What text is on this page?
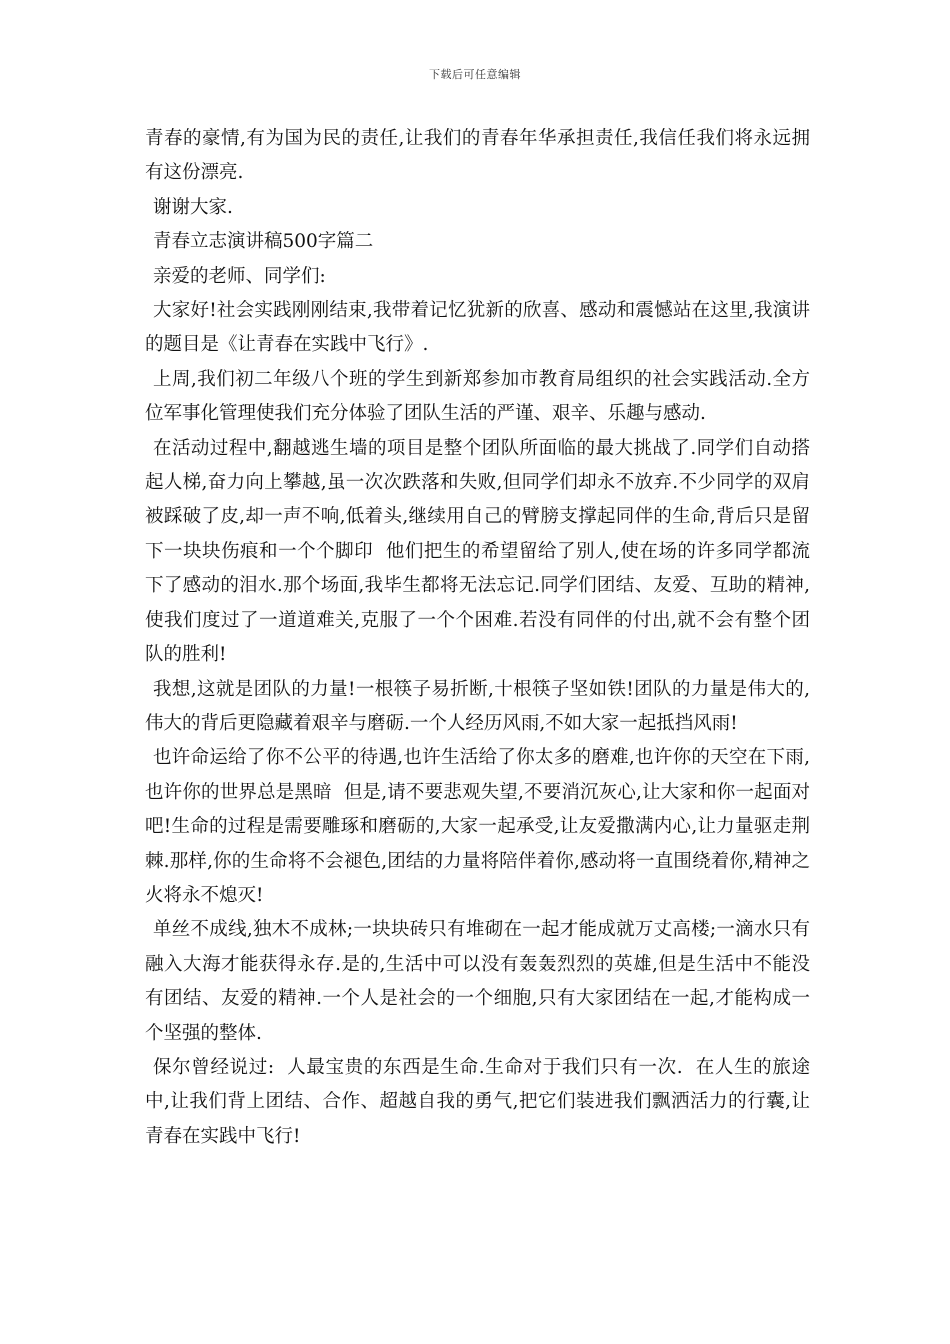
下载后可任意编辑

青春的豪情,有为国为民的责任,让我们的青春年华承担责任,我信任我们将永远拥有这份漂亮.

谢谢大家.

青春立志演讲稿500字篇二

亲爱的老师、同学们:

大家好!社会实践刚刚结束,我带着记忆犹新的欣喜、感动和震憾站在这里,我演讲的题目是《让青春在实践中飞行》.

上周,我们初二年级八个班的学生到新郑参加市教育局组织的社会实践活动.全方位军事化管理使我们充分体验了团队生活的严谨、艰辛、乐趣与感动.

在活动过程中,翻越逃生墙的项目是整个团队所面临的最大挑战了.同学们自动搭起人梯,奋力向上攀越,虽一次次跌落和失败,但同学们却永不放弃.不少同学的双肩被踩破了皮,却一声不响,低着头,继续用自己的臂膀支撑起同伴的生命,背后只是留下一块块伤痕和一个个脚印  他们把生的希望留给了别人,使在场的许多同学都流下了感动的泪水.那个场面,我毕生都将无法忘记.同学们团结、友爱、互助的精神,使我们度过了一道道难关,克服了一个个困难.若没有同伴的付出,就不会有整个团队的胜利!

我想,这就是团队的力量!一根筷子易折断,十根筷子坚如铁!团队的力量是伟大的,伟大的背后更隐藏着艰辛与磨砺.一个人经历风雨,不如大家一起抵挡风雨!

也许命运给了你不公平的待遇,也许生活给了你太多的磨难,也许你的天空在下雨,也许你的世界总是黑暗  但是,请不要悲观失望,不要消沉灰心,让大家和你一起面对吧!生命的过程是需要雕琢和磨砺的,大家一起承受,让友爱撒满内心,让力量驱走荆棘.那样,你的生命将不会褪色,团结的力量将陪伴着你,感动将一直围绕着你,精神之火将永不熄灭!

单丝不成线,独木不成林;一块块砖只有堆砌在一起才能成就万丈高楼;一滴水只有融入大海才能获得永存.是的,生活中可以没有轰轰烈烈的英雄,但是生活中不能没有团结、友爱的精神.一个人是社会的一个细胞,只有大家团结在一起,才能构成一个坚强的整体.

保尔曾经说过:  人最宝贵的东西是生命.生命对于我们只有一次.  在人生的旅途中,让我们背上团结、合作、超越自我的勇气,把它们装进我们飘洒活力的行囊,让青春在实践中飞行!
